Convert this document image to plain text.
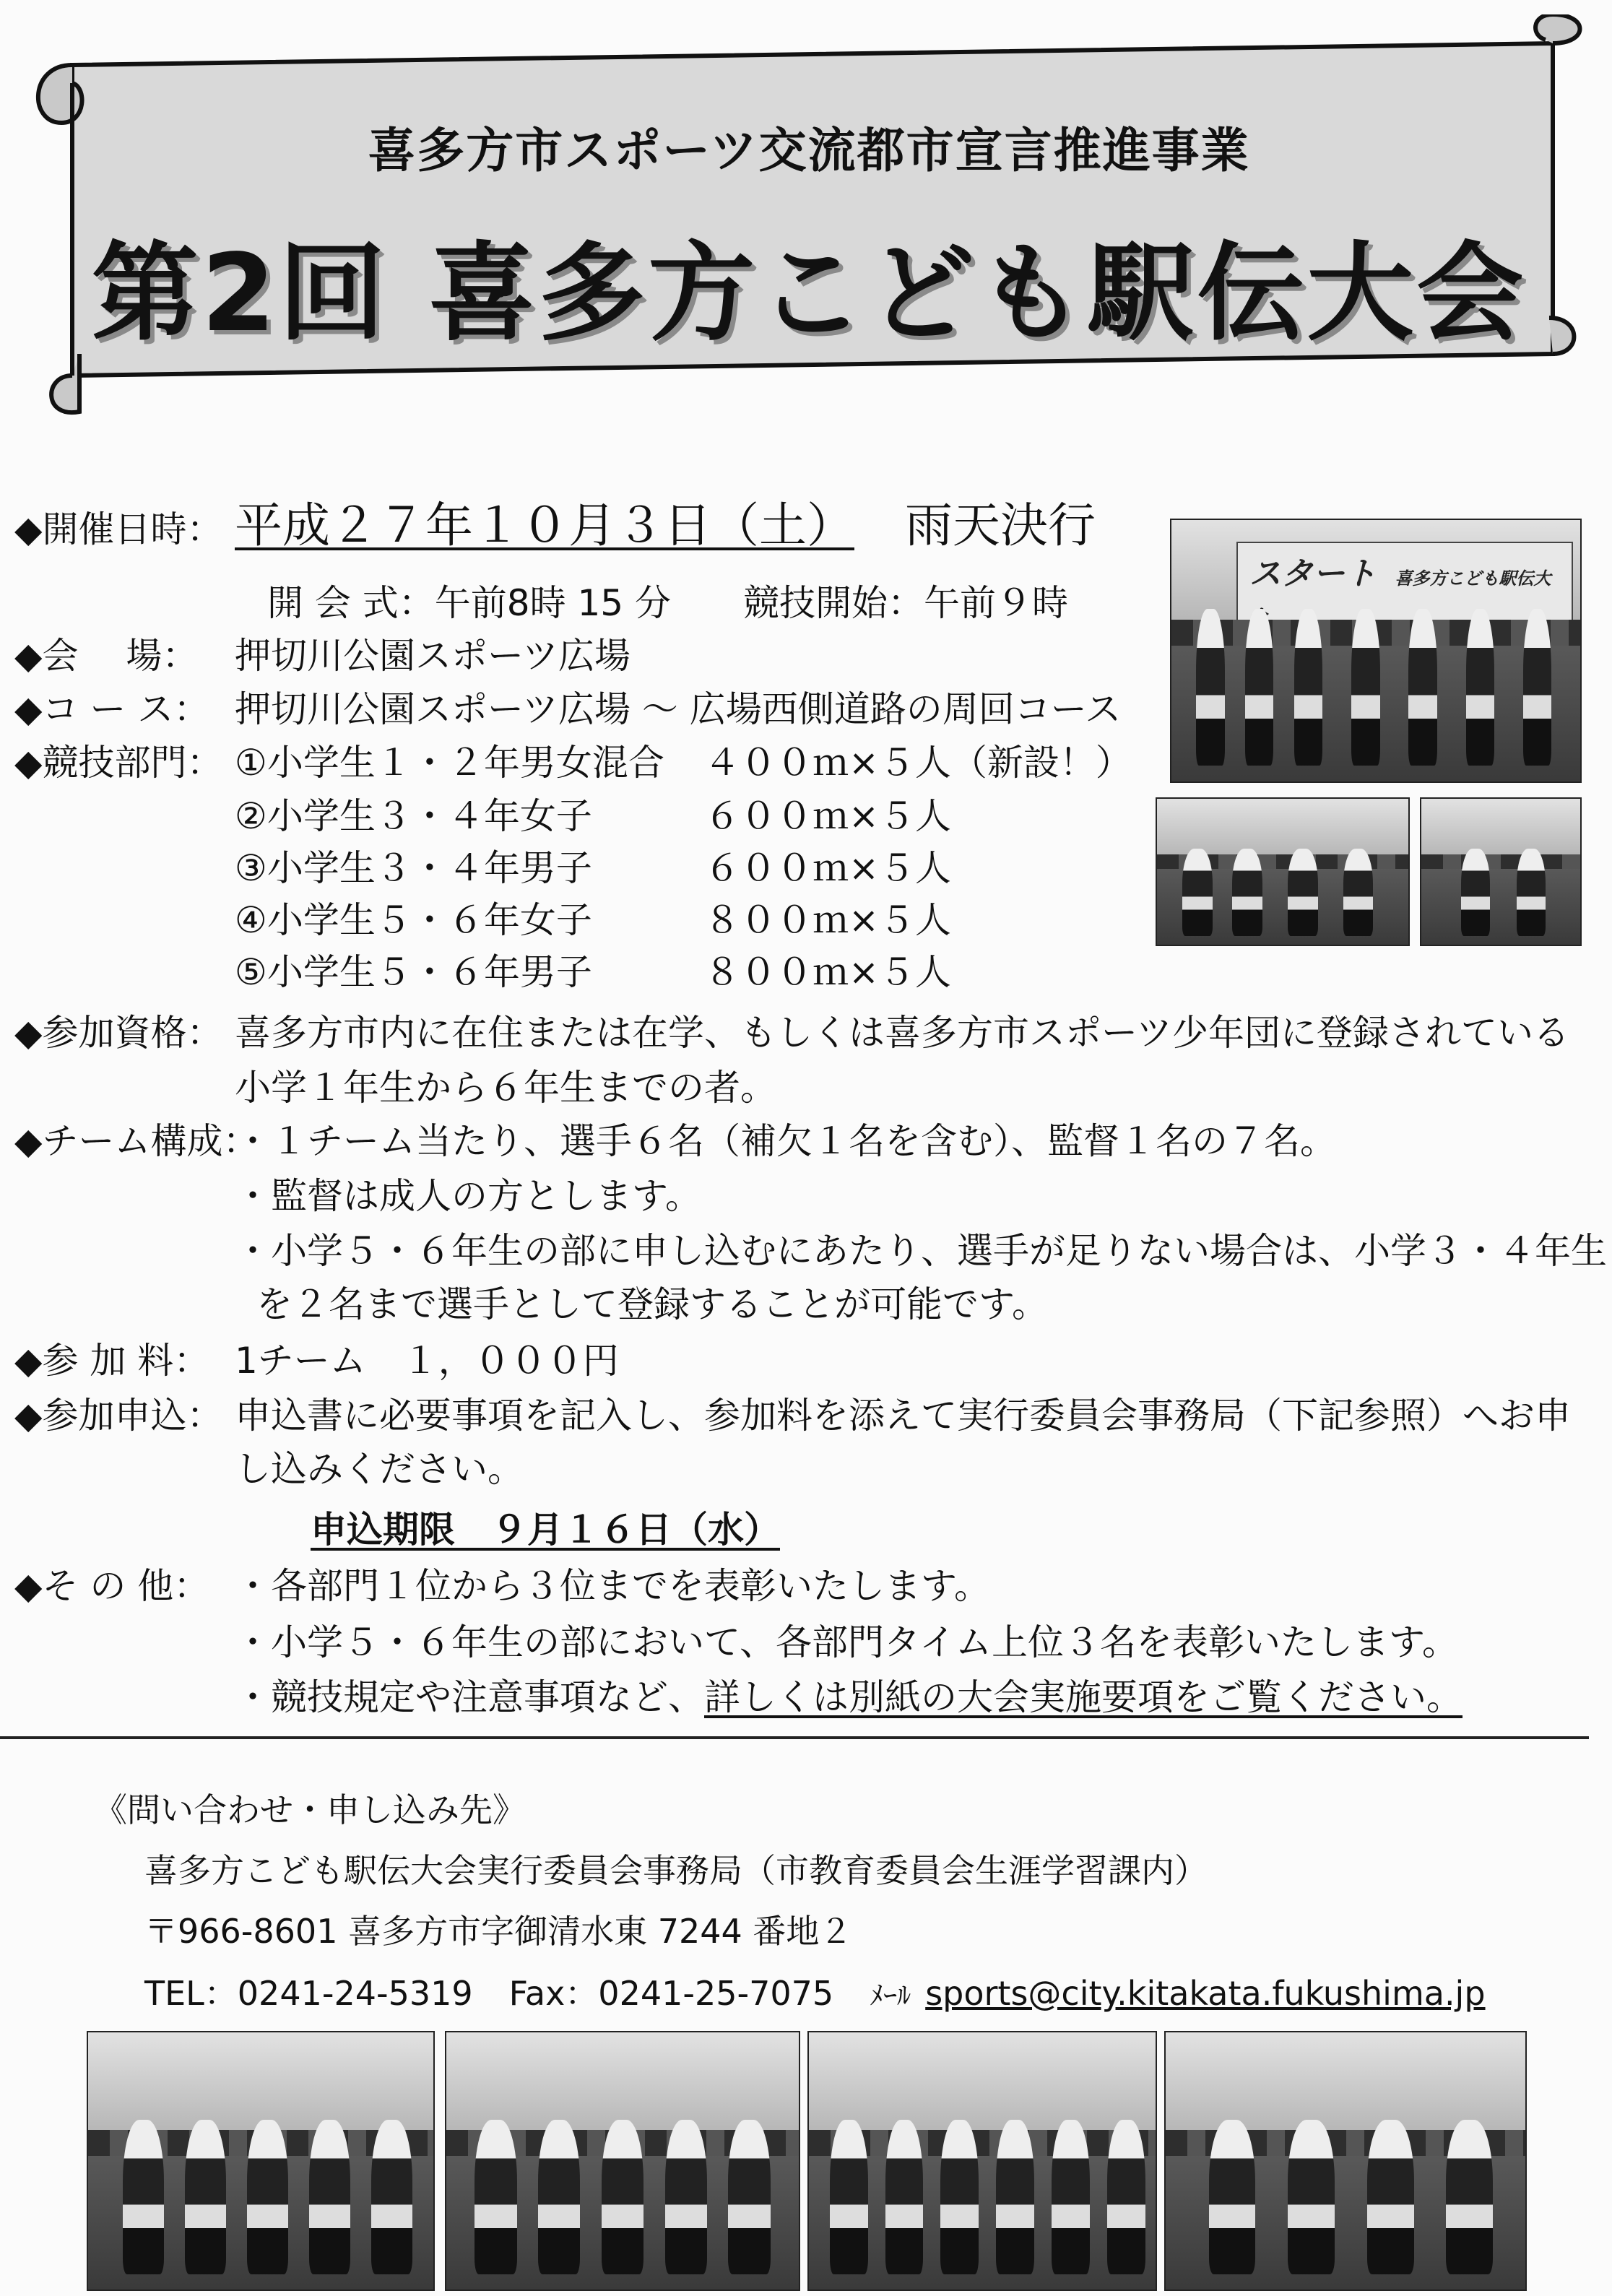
喜多方市スポーツ交流都市宣言推進事業
第2回 喜多方こども駅伝大会
◆開催日時： 平成２７年１０月３日（土） 雨天決行
開 会 式：午前8時 15 分 競技開始：午前９時
◆会　 場： 押切川公園スポーツ広場
◆コ ー ス： 押切川公園スポーツ広場 ～ 広場西側道路の周回コース
◆競技部門： ①小学生１・２年男女混合 ４００ｍ×５人（新設！）
②小学生３・４年女子	６００ｍ×５人
③小学生３・４年男子	６００ｍ×５人
④小学生５・６年女子	８００ｍ×５人
⑤小学生５・６年男子	８００ｍ×５人
◆参加資格： 喜多方市内に在住または在学、もしくは喜多方市スポーツ少年団に登録されている
小学１年生から６年生までの者。
◆チーム構成：・１チーム当たり、選手６名（補欠１名を含む）、監督１名の７名。
・監督は成人の方とします。
・小学５・６年生の部に申し込むにあたり、選手が足りない場合は、小学３・４年生
を２名まで選手として登録することが可能です。
◆参 加 料： 1チーム　１，０００円
◆参加申込： 申込書に必要事項を記入し、参加料を添えて実行委員会事務局（下記参照）へお申
し込みください。
申込期限　９月１６日（水）
◆そ の 他： ・各部門１位から３位までを表彰いたします。
・小学５・６年生の部において、各部門タイム上位３名を表彰いたします。
・競技規定や注意事項など、詳しくは別紙の大会実施要項をご覧ください。
《問い合わせ・申し込み先》
喜多方こども駅伝大会実行委員会事務局（市教育委員会生涯学習課内）
〒966-8601 喜多方市字御清水東 7244 番地２
TEL：0241-24-5319 Fax：0241-25-7075 ﾒｰﾙ sports@city.kitakata.fukushima.jp
スタート 喜多方こども駅伝大
